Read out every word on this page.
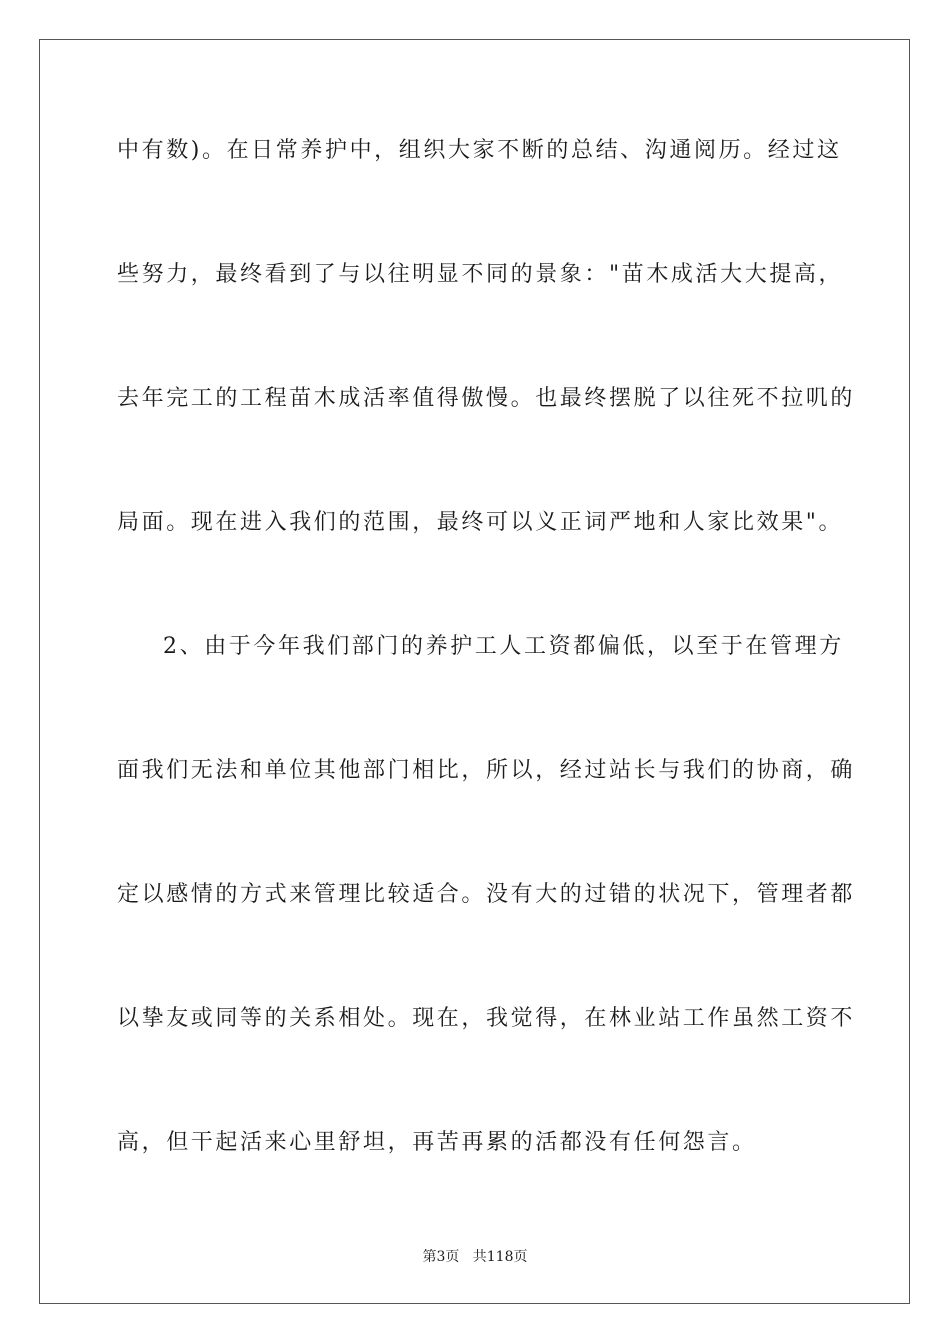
中有数)。在日常养护中，组织大家不断的总结、沟通阅历。经过这
些努力，最终看到了与以往明显不同的景象："苗木成活大大提高，
去年完工的工程苗木成活率值得傲慢。也最终摆脱了以往死不拉叽的
局面。现在进入我们的范围，最终可以义正词严地和人家比效果"。
2、由于今年我们部门的养护工人工资都偏低，以至于在管理方
面我们无法和单位其他部门相比，所以，经过站长与我们的协商，确
定以感情的方式来管理比较适合。没有大的过错的状况下，管理者都
以挚友或同等的关系相处。现在，我觉得，在林业站工作虽然工资不
高，但干起活来心里舒坦，再苦再累的活都没有任何怨言。
第3页 共118页
